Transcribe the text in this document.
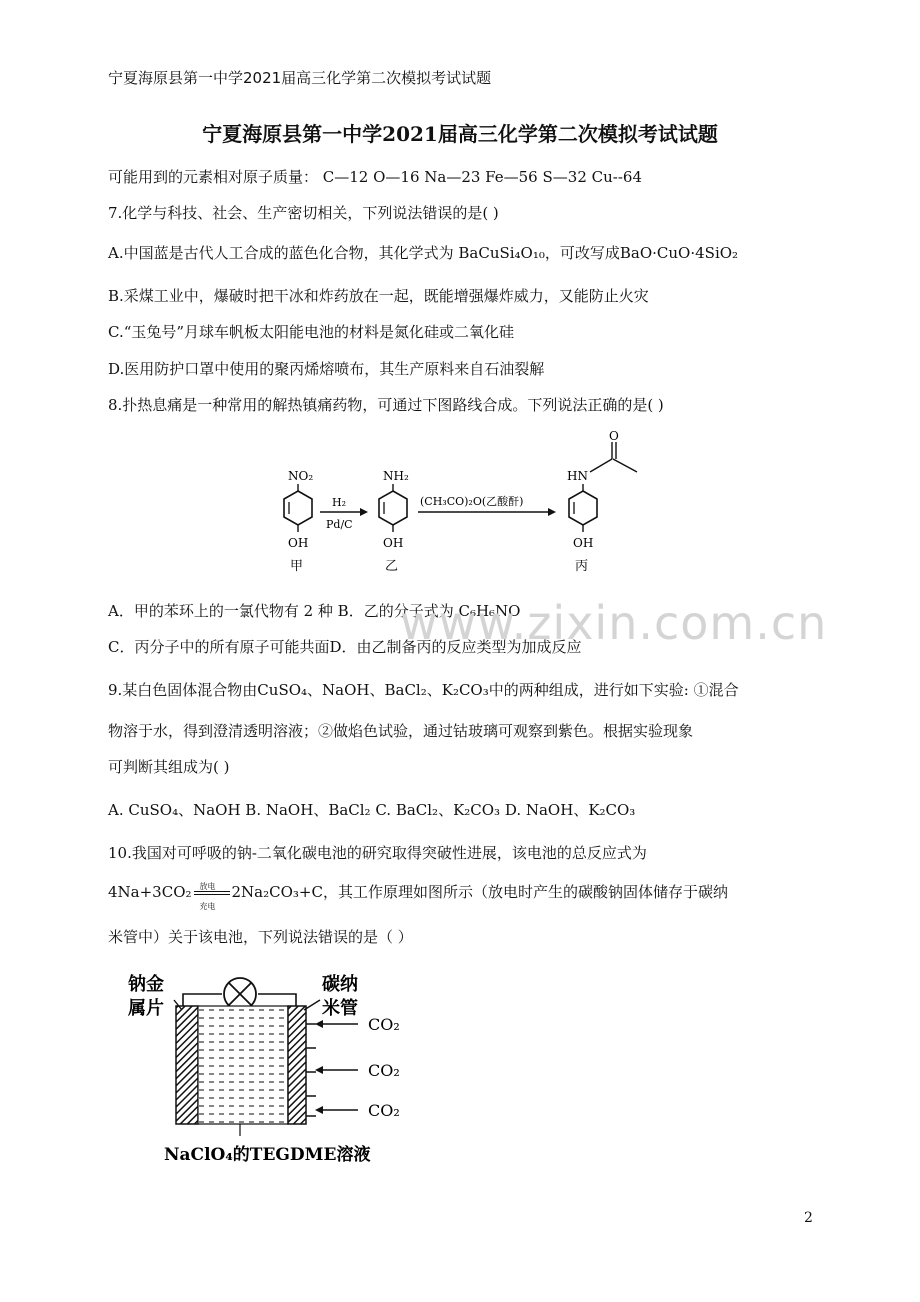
宁夏海原县第一中学2021届高三化学第二次模拟考试试题
宁夏海原县第一中学2021届高三化学第二次模拟考试试题
可能用到的元素相对原子质量： C—12 O—16 Na—23 Fe—56 S—32 Cu--64
7.化学与科技、社会、生产密切相关，下列说法错误的是( )
A.中国蓝是古代人工合成的蓝色化合物，其化学式为 BaCuSi₄O₁₀，可改写成BaO·CuO·4SiO₂
B.采煤工业中，爆破时把干冰和炸药放在一起，既能增强爆炸威力，又能防止火灾
C.“玉兔号”月球车帆板太阳能电池的材料是氮化硅或二氧化硅
D.医用防护口罩中使用的聚丙烯熔喷布，其生产原料来自石油裂解
8.扑热息痛是一种常用的解热镇痛药物，可通过下图路线合成。下列说法正确的是( )
NO₂
OH
甲
H₂
Pd/C
NH₂
OH
乙
(CH₃CO)₂O(乙酸酐)
HN
O
OH
丙
A．甲的苯环上的一氯代物有 2 种 B．乙的分子式为 C₆H₆NO
C．丙分子中的所有原子可能共面D．由乙制备丙的反应类型为加成反应
9.某白色固体混合物由CuSO₄、NaOH、BaCl₂、K₂CO₃中的两种组成，进行如下实验: ①混合
物溶于水，得到澄清透明溶液；②做焰色试验，通过钴玻璃可观察到紫色。根据实验现象
可判断其组成为( )
A. CuSO₄、NaOH B. NaOH、BaCl₂ C. BaCl₂、K₂CO₃ D. NaOH、K₂CO₃
10.我国对可呼吸的钠-二氧化碳电池的研究取得突破性进展，该电池的总反应式为
4Na+3CO₂ 放电
充电
2Na₂CO₃+C，其工作原理如图所示（放电时产生的碳酸钠固体储存于碳纳
米管中）关于该电池，下列说法错误的是（ ）
钠金
属片
碳纳
米管
CO₂
CO₂
CO₂
NaClO₄的TEGDME溶液
www.zixin.com.cn
2
